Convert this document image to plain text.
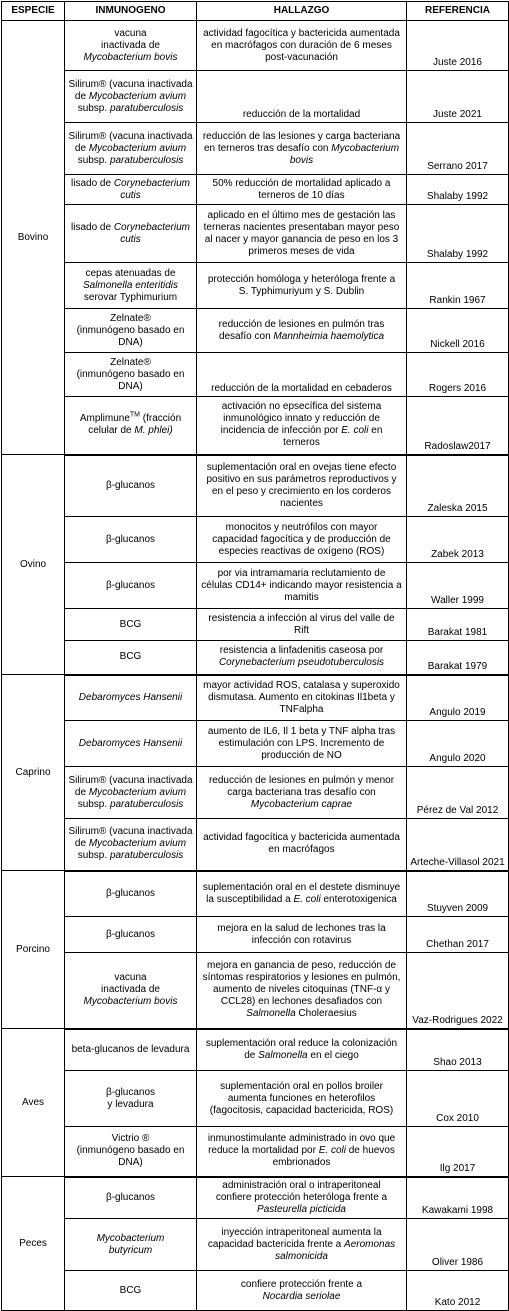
ESPECIE	INMUNOGENO	HALLAZGO	REFERENCIA
Bovino	vacuna
inactivada de
Mycobacterium bovis	actividad fagocítica y bactericida aumentada
en macrófagos con duración de 6 meses
post-vacunación	Juste 2016
	Silirum® (vacuna inactivada
de Mycobacterium avium
subsp. paratuberculosis	reducción de la mortalidad	Juste 2021
	Silirum® (vacuna inactivada
de Mycobacterium avium
subsp. paratuberculosis	reducción de las lesiones y carga bacteriana
en terneros tras desafío con Mycobacterium
bovis	Serrano 2017
	lisado de Corynebacterium
cutis	50% reducción de mortalidad aplicado a
terneros de 10 días	Shalaby 1992
	lisado de Corynebacterium
cutis	aplicado en el último mes de gestación las
terneras nacientes presentaban mayor peso
al nacer y mayor ganancia de peso en los 3
primeros meses de vida	Shalaby 1992
	cepas atenuadas de
Salmonella enteritidis
serovar Typhimurium	protección homóloga y heteróloga frente a
S. Typhimuriyum y S. Dublin	Rankin 1967
	Zelnate®
(inmunógeno basado en
DNA)	reducción de lesiones en pulmón tras
desafío con Mannheimia haemolytica	Nickell 2016
	Zelnate®
(inmunógeno basado en
DNA)	reducción de la mortalidad en cebaderos	Rogers 2016
	Amplimune™ (fracción
celular de M. phlei)	activación no epsecífica del sistema
inmunológico innato y reducción de
incidencia de infección por E. coli en
terneros	Radoslaw2017
Ovino	β-glucanos	suplementación oral en ovejas tiene efecto
positivo en sus parámetros reproductivos y
en el peso y crecimiento en los corderos
nacientes	Zaleska 2015
	β-glucanos	monocitos y neutrófilos con mayor
capacidad fagocítica y de producción de
especies reactivas de oxígeno (ROS)	Zabek 2013
	β-glucanos	por via intramamaria reclutamiento de
células CD14+ indicando mayor resistencia a
mamitis	Waller 1999
	BCG	resistencia a infección al virus del valle de
Rift	Barakat 1981
	BCG	resistencia a linfadenitis caseosa por
Corynebacterium pseudotuberculosis	Barakat 1979
Caprino	Debaromyces Hansenii	mayor actividad ROS, catalasa y superoxido
dismutasa. Aumento en citokinas Il1beta y
TNFalpha	Angulo 2019
	Debaromyces Hansenii	aumento de IL6, Il 1 beta y TNF alpha tras
estimulación con LPS. Incremento de
producción de NO	Angulo 2020
	Silirum® (vacuna inactivada
de Mycobacterium avium
subsp. paratuberculosis	reducción de lesiones en pulmón y menor
carga bacteriana tras desafío con
Mycobacterium caprae	Pérez de Val 2012
	Silirum® (vacuna inactivada
de Mycobacterium avium
subsp. paratuberculosis	actividad fagocítica y bactericida aumentada
en macrófagos	Arteche-Villasol 2021
Porcino	β-glucanos	suplementación oral en el destete disminuye
la susceptibilidad a E. coli enterotoxigenica	Stuyven 2009
	β-glucanos	mejora en la salud de lechones tras la
infección con rotavirus	Chethan 2017
	vacuna
inactivada de
Mycobacterium bovis	mejora en ganancia de peso, reducción de
síntomas respiratorios y lesiones en pulmón,
aumento de niveles citoquinas (TNF-α y
CCL28) en lechones desafiados con
Salmonella Choleraesius	Vaz-Rodrigues 2022
Aves	beta-glucanos de levadura	suplementación oral reduce la colonización
de Salmonella en el ciego	Shao 2013
	β-glucanos
y levadura	suplementación oral en pollos broiler
aumenta funciones en heterofilos
(fagocitosis, capacidad bactericida, ROS)	Cox 2010
	Victrio ®
(inmunógeno basado en
DNA)	inmunostimulante administrado in ovo que
reduce la mortalidad por E. coli de huevos
embrionados	Ilg 2017
Peces	β-glucanos	administración oral o intraperitoneal
confiere protección heteróloga frente a
Pasteurella picticida	Kawakami 1998
	Mycobacterium
butyricum	inyección intraperitoneal aumenta la
capacidad bactericida frente a Aeromonas
salmonicida	Oliver 1986
	BCG	confiere protección frente a
Nocardia seriolae	Kato 2012
